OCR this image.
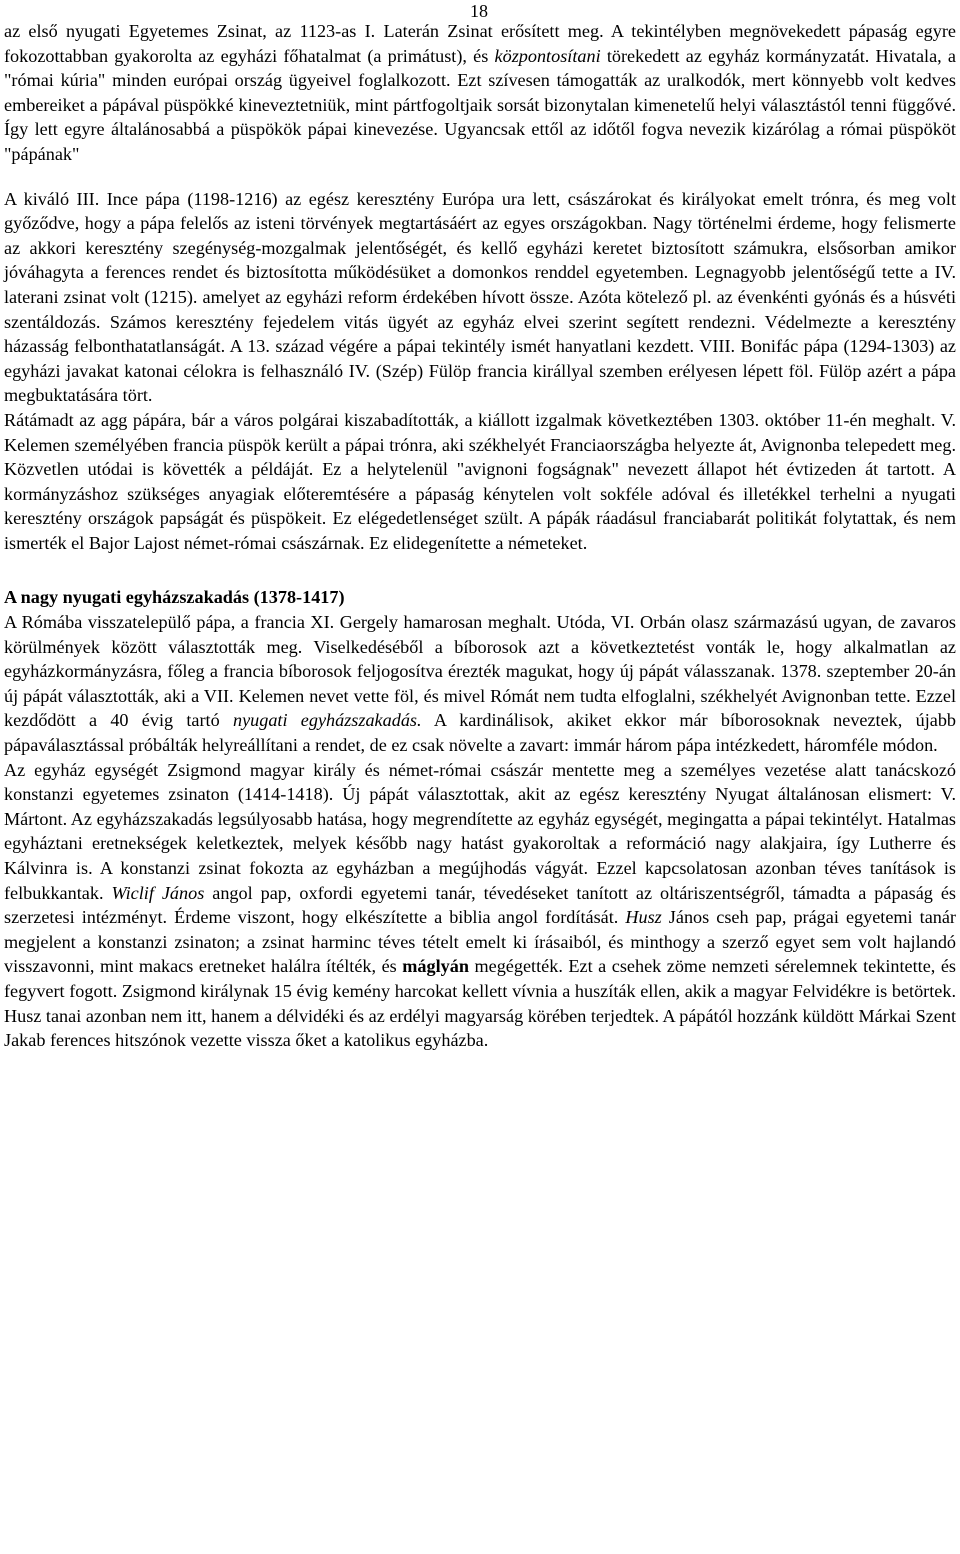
18

az első nyugati Egyetemes Zsinat, az 1123-as I. Laterán Zsinat erősített meg. A tekintélyben megnövekedett pápaság egyre fokozottabban gyakorolta az egyházi főhatalmat (a primátust), és központosítani törekedett az egyház kormányzatát. Hivatala, a "római kúria" minden európai ország ügyeivel foglalkozott. Ezt szívesen támogatták az uralkodók, mert könnyebb volt kedves embereiket a pápával püspökké kineveztetniük, mint pártfogoltjaik sorsát bizonytalan kimenetelű helyi választástól tenni függővé. Így lett egyre általánosabbá a püspökök pápai kinevezése. Ugyancsak ettől az időtől fogva nevezik kizárólag a római püspököt "pápának"

A kiváló III. Ince pápa (1198-1216) az egész keresztény Európa ura lett, császárokat és királyokat emelt trónra, és meg volt győződve, hogy a pápa felelős az isteni törvények megtartásáért az egyes országokban. Nagy történelmi érdeme, hogy felismerte az akkori keresztény szegénység-mozgalmak jelentőségét, és kellő egyházi keretet biztosított számukra, elsősorban amikor jóváhagyta a ferences rendet és biztosította működésüket a domonkos renddel egyetemben. Legnagyobb jelentőségű tette a IV. laterani zsinat volt (1215). amelyet az egyházi reform érdekében hívott össze. Azóta kötelező pl. az évenkénti gyónás és a húsvéti szentáldozás. Számos keresztény fejedelem vitás ügyét az egyház elvei szerint segített rendezni. Védelmezte a keresztény házasság felbonthatatlanságát. A 13. század végére a pápai tekintély ismét hanyatlani kezdett. VIII. Bonifác pápa (1294-1303) az egyházi javakat katonai célokra is felhasználó IV. (Szép) Fülöp francia királlyal szemben erélyesen lépett föl. Fülöp azért a pápa megbuktatására tört.

Rátámadt az agg pápára, bár a város polgárai kiszabadították, a kiállott izgalmak következtében 1303. október 11-én meghalt. V. Kelemen személyében francia püspök került a pápai trónra, aki székhelyét Franciaországba helyezte át, Avignonba telepedett meg. Közvetlen utódai is követték a példáját. Ez a helytelenül "avignoni fogságnak" nevezett állapot hét évtizeden át tartott. A kormányzáshoz szükséges anyagiak előteremtésére a pápaság kénytelen volt sokféle adóval és illetékkel terhelni a nyugati keresztény országok papságát és püspökeit. Ez elégedetlenséget szült. A pápák ráadásul franciabarát politikát folytattak, és nem ismerték el Bajor Lajost német-római császárnak. Ez elidegenítette a németeket.

A nagy nyugati egyházszakadás (1378-1417)

A Rómába visszatelepülő pápa, a francia XI. Gergely hamarosan meghalt. Utóda, VI. Orbán olasz származású ugyan, de zavaros körülmények között választották meg. Viselkedéséből a bíborosok azt a következtetést vonták le, hogy alkalmatlan az egyházkormányzásra, főleg a francia bíborosok feljogosítva érezték magukat, hogy új pápát válasszanak. 1378. szeptember 20-án új pápát választották, aki a VII. Kelemen nevet vette föl, és mivel Rómát nem tudta elfoglalni, székhelyét Avignonban tette. Ezzel kezdődött a 40 évig tartó nyugati egyházszakadás. A kardinálisok, akiket ekkor már bíborosoknak neveztek, újabb pápaválasztással próbálták helyreállítani a rendet, de ez csak növelte a zavart: immár három pápa intézkedett, háromféle módon.

Az egyház egységét Zsigmond magyar király és német-római császár mentette meg a személyes vezetése alatt tanácskozó konstanzi egyetemes zsinaton (1414-1418). Új pápát választottak, akit az egész keresztény Nyugat általánosan elismert: V. Mártont. Az egyházszakadás legsúlyosabb hatása, hogy megrendítette az egyház egységét, megingatta a pápai tekintélyt. Hatalmas egyháztani eretnekségek keletkeztek, melyek később nagy hatást gyakoroltak a reformáció nagy alakjaira, így Lutherre és Kálvinra is. A konstanzi zsinat fokozta az egyházban a megújhodás vágyát. Ezzel kapcsolatosan azonban téves tanítások is felbukkantak. Wiclif János angol pap, oxfordi egyetemi tanár, tévedéseket tanított az oltáriszentségről, támadta a pápaság és szerzetesi intézményt. Érdeme viszont, hogy elkészítette a biblia angol fordítását. Husz János cseh pap, prágai egyetemi tanár megjelent a konstanzi zsinaton; a zsinat harminc téves tételt emelt ki írásaiból, és minthogy a szerző egyet sem volt hajlandó visszavonni, mint makacs eretneket halálra ítélték, és máglyán megégették. Ezt a csehek zöme nemzeti sérelemnek tekintette, és fegyvert fogott. Zsigmond királynak 15 évig kemény harcokat kellett vívnia a huszíták ellen, akik a magyar Felvidékre is betörtek. Husz tanai azonban nem itt, hanem a délvidéki és az erdélyi magyarság körében terjedtek. A pápától hozzánk küldött Márkai Szent Jakab ferences hitszónok vezette vissza őket a katolikus egyházba.
